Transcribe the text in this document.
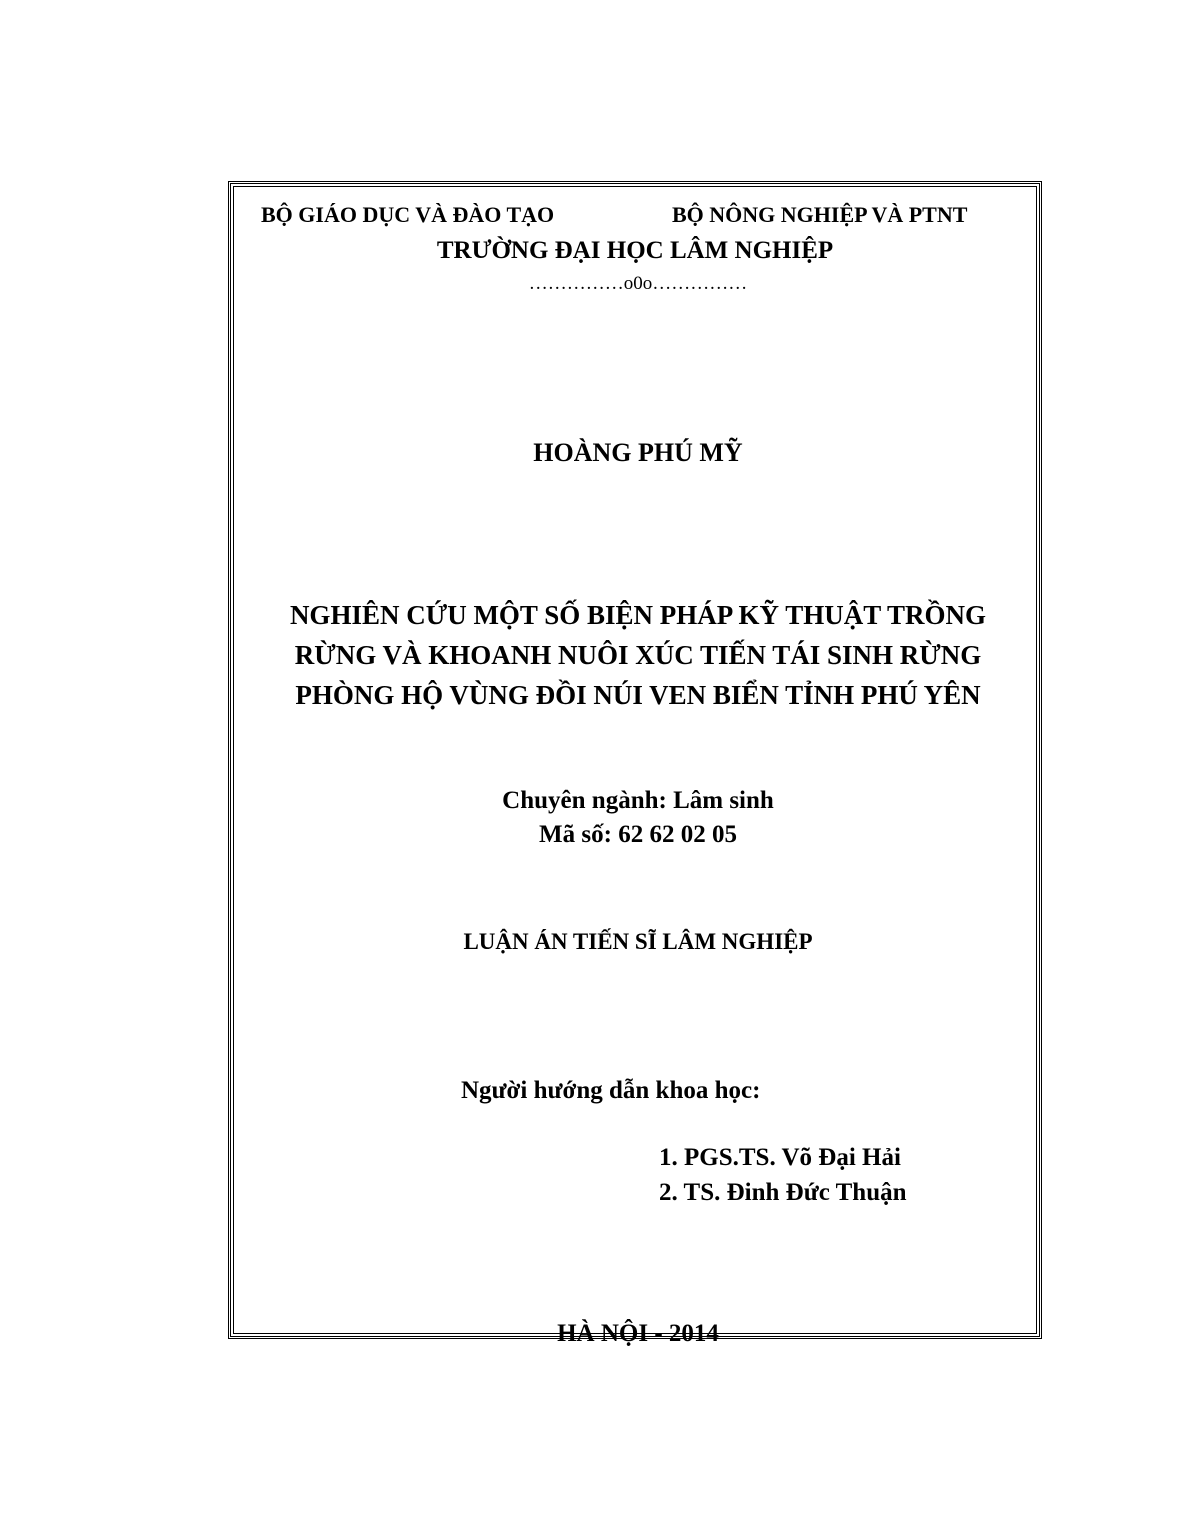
BỘ GIÁO DỤC VÀ ĐÀO TẠO	BỘ NÔNG NGHIỆP VÀ PTNT

TRƯỜNG ĐẠI HỌC LÂM NGHIỆP

……………o0o……………

HOÀNG PHÚ MỸ

NGHIÊN CỨU MỘT SỐ BIỆN PHÁP KỸ THUẬT TRỒNG

RỪNG VÀ KHOANH NUÔI XÚC TIẾN TÁI SINH RỪNG

PHÒNG HỘ VÙNG ĐỒI NÚI VEN BIỂN TỈNH PHÚ YÊN

Chuyên ngành: Lâm sinh

Mã số: 62 62 02 05

LUẬN ÁN TIẾN SĨ LÂM NGHIỆP

Người hướng dẫn khoa học:

1. PGS.TS. Võ Đại Hải

2. TS. Đinh Đức Thuận

HÀ NỘI - 2014
